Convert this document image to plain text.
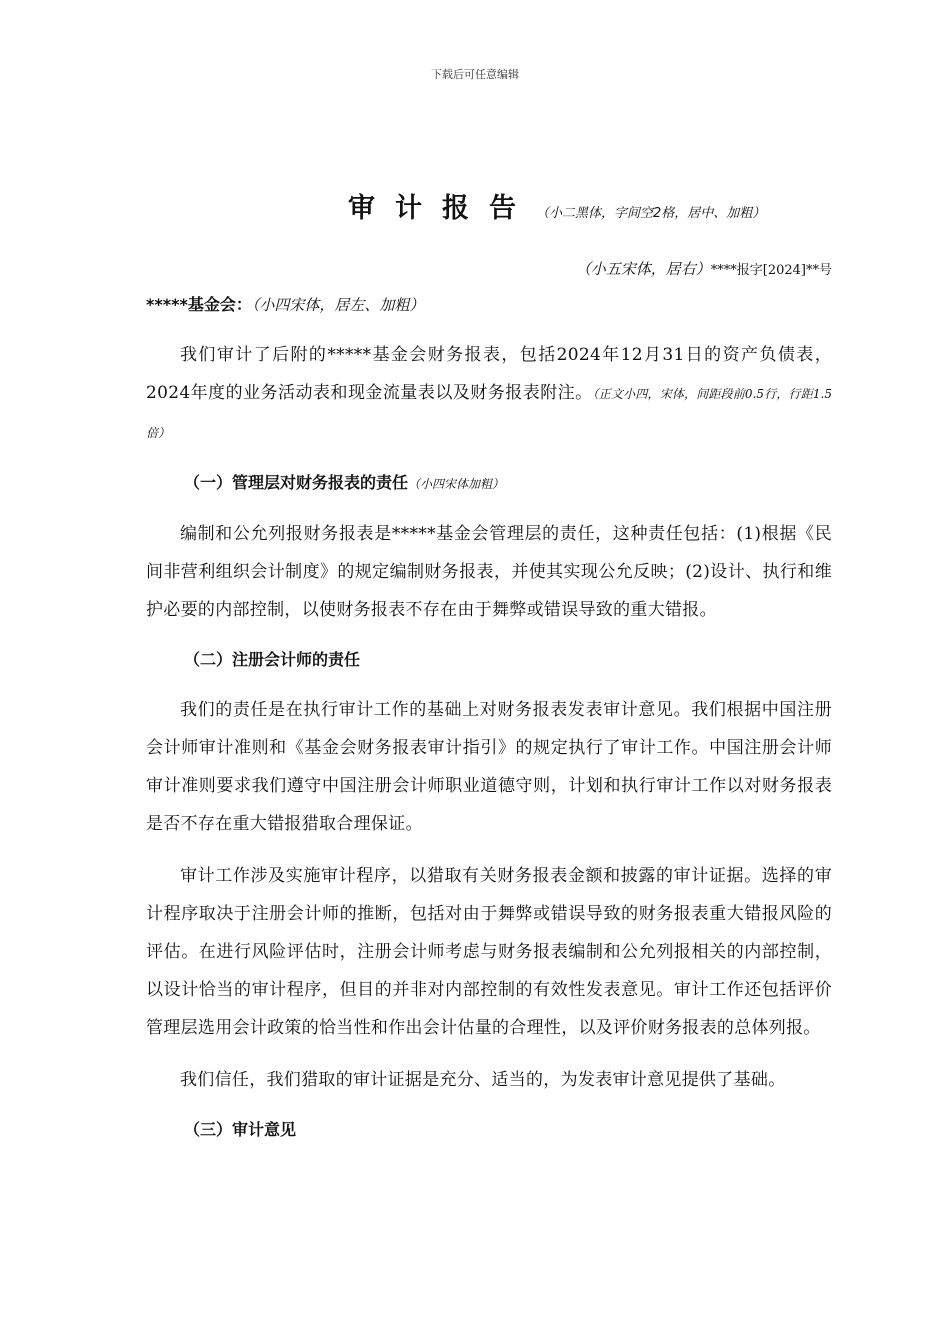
下载后可任意编辑
审计报告（小二黑体，字间空2格，居中、加粗）
（小五宋体，居右）****报字[2024]**号
*****基金会：（小四宋体，居左、加粗）

我们审计了后附的*****基金会财务报表，包括2024年12月31日的资产负债表，2024年度的业务活动表和现金流量表以及财务报表附注。（正文小四，宋体，间距段前0.5行，行距1.5倍）

（一）管理层对财务报表的责任（小四宋体加粗）

编制和公允列报财务报表是*****基金会管理层的责任，这种责任包括：(1)根据《民间非营利组织会计制度》的规定编制财务报表，并使其实现公允反映；(2)设计、执行和维护必要的内部控制，以使财务报表不存在由于舞弊或错误导致的重大错报。

（二）注册会计师的责任

我们的责任是在执行审计工作的基础上对财务报表发表审计意见。我们根据中国注册会计师审计准则和《基金会财务报表审计指引》的规定执行了审计工作。中国注册会计师审计准则要求我们遵守中国注册会计师职业道德守则，计划和执行审计工作以对财务报表是否不存在重大错报猎取合理保证。

审计工作涉及实施审计程序，以猎取有关财务报表金额和披露的审计证据。选择的审计程序取决于注册会计师的推断，包括对由于舞弊或错误导致的财务报表重大错报风险的评估。在进行风险评估时，注册会计师考虑与财务报表编制和公允列报相关的内部控制，以设计恰当的审计程序，但目的并非对内部控制的有效性发表意见。审计工作还包括评价管理层选用会计政策的恰当性和作出会计估量的合理性，以及评价财务报表的总体列报。

我们信任，我们猎取的审计证据是充分、适当的，为发表审计意见提供了基础。

（三）审计意见
